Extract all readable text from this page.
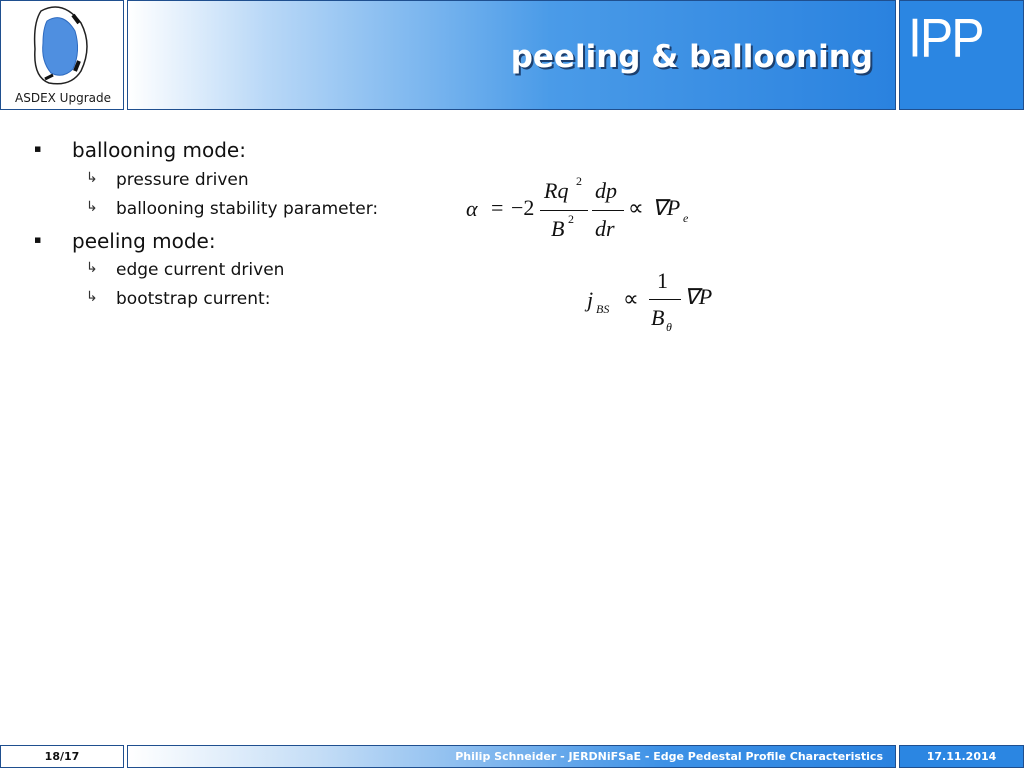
ASDEX Upgrade
peeling & ballooning IPP
▪ ballooning mode:
↳ pressure driven
↳ ballooning stability parameter:
▪ peeling mode:
↳ edge current driven
↳ bootstrap current:
α = −2
Rq 2
B 2
dp
dr
∝ ∇P e
j BS ∝
1
B θ
∇P
18/17	Philip Schneider - JERDNiFSaE - Edge Pedestal Profile Characteristics	17.11.2014
